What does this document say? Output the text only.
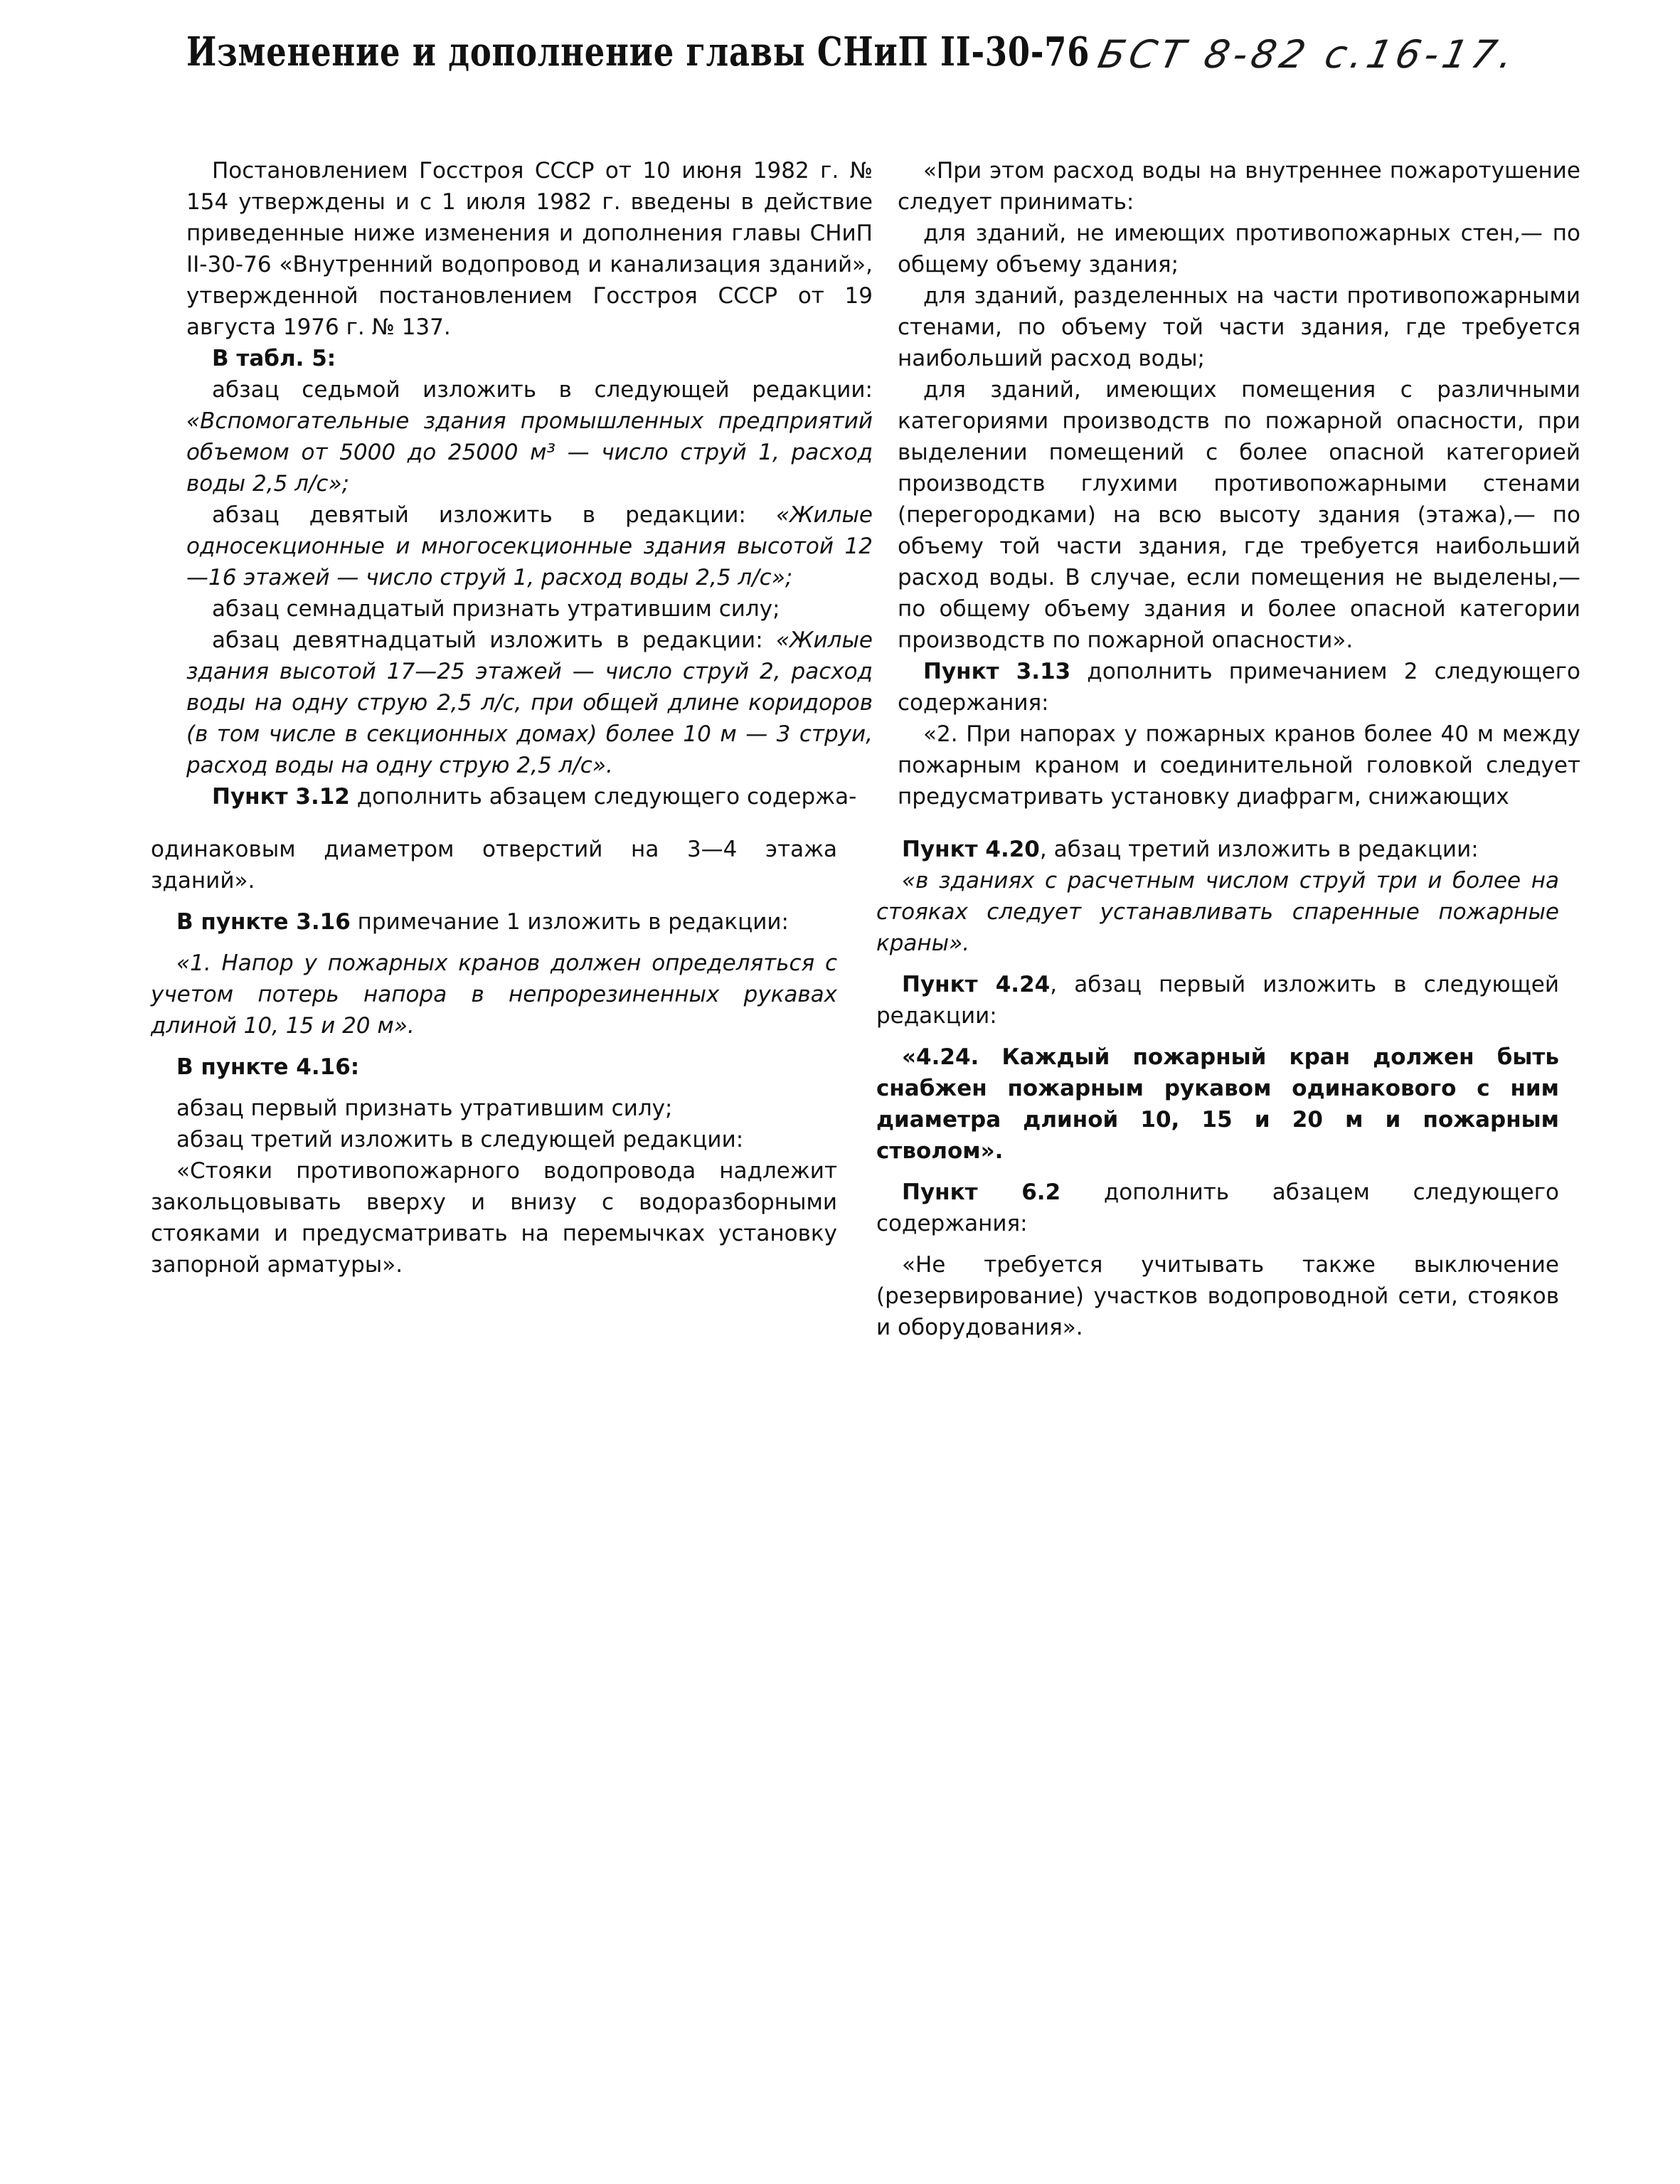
Изменение и дополнение главы СНиП II-30-76 БСТ 8-82 с.16-17.

Постановлением Госстроя СССР от 10 июня 1982 г. № 154 утверждены и с 1 июля 1982 г. введены в действие приведенные ниже изменения и дополнения главы СНиП II-30-76 «Внутренний водопровод и канализация зданий», утвержденной постановлением Госстроя СССР от 19 августа 1976 г. № 137.

В табл. 5:

абзац седьмой изложить в следующей редакции: «Вспомогательные здания промышленных предприятий объемом от 5000 до 25000 м³ — число струй 1, расход воды 2,5 л/с»;

абзац девятый изложить в редакции: «Жилые односекционные и многосекционные здания высотой 12—16 этажей — число струй 1, расход воды 2,5 л/с»;

абзац семнадцатый признать утратившим силу;

абзац девятнадцатый изложить в редакции: «Жилые здания высотой 17—25 этажей — число струй 2, расход воды на одну струю 2,5 л/с, при общей длине коридоров (в том числе в секционных домах) более 10 м — 3 струи, расход воды на одну струю 2,5 л/с».

Пункт 3.12 дополнить абзацем следующего содержа-

«При этом расход воды на внутреннее пожаротушение следует принимать:

для зданий, не имеющих противопожарных стен,— по общему объему здания;

для зданий, разделенных на части противопожарными стенами, по объему той части здания, где требуется наибольший расход воды;

для зданий, имеющих помещения с различными категориями производств по пожарной опасности, при выделении помещений с более опасной категорией производств глухими противопожарными стенами (перегородками) на всю высоту здания (этажа),— по объему той части здания, где требуется наибольший расход воды. В случае, если помещения не выделены,— по общему объему здания и более опасной категории производств по пожарной опасности».

Пункт 3.13 дополнить примечанием 2 следующего содержания:

«2. При напорах у пожарных кранов более 40 м между пожарным краном и соединительной головкой следует предусматривать установку диафрагм, снижающих

одинаковым диаметром отверстий на 3—4 этажа зданий».

В пункте 3.16 примечание 1 изложить в редакции:

«1. Напор у пожарных кранов должен определяться с учетом потерь напора в непрорезиненных рукавах длиной 10, 15 и 20 м».

В пункте 4.16:

абзац первый признать утратившим силу;

абзац третий изложить в следующей редакции:

«Стояки противопожарного водопровода надлежит закольцовывать вверху и внизу с водоразборными стояками и предусматривать на перемычках установку запорной арматуры».

Пункт 4.20, абзац третий изложить в редакции:

«в зданиях с расчетным числом струй три и более на стояках следует устанавливать спаренные пожарные краны».

Пункт 4.24, абзац первый изложить в следующей редакции:

«4.24. Каждый пожарный кран должен быть снабжен пожарным рукавом одинакового с ним диаметра длиной 10, 15 и 20 м и пожарным стволом».

Пункт 6.2 дополнить абзацем следующего содержания:

«Не требуется учитывать также выключение (резервирование) участков водопроводной сети, стояков и оборудования».
